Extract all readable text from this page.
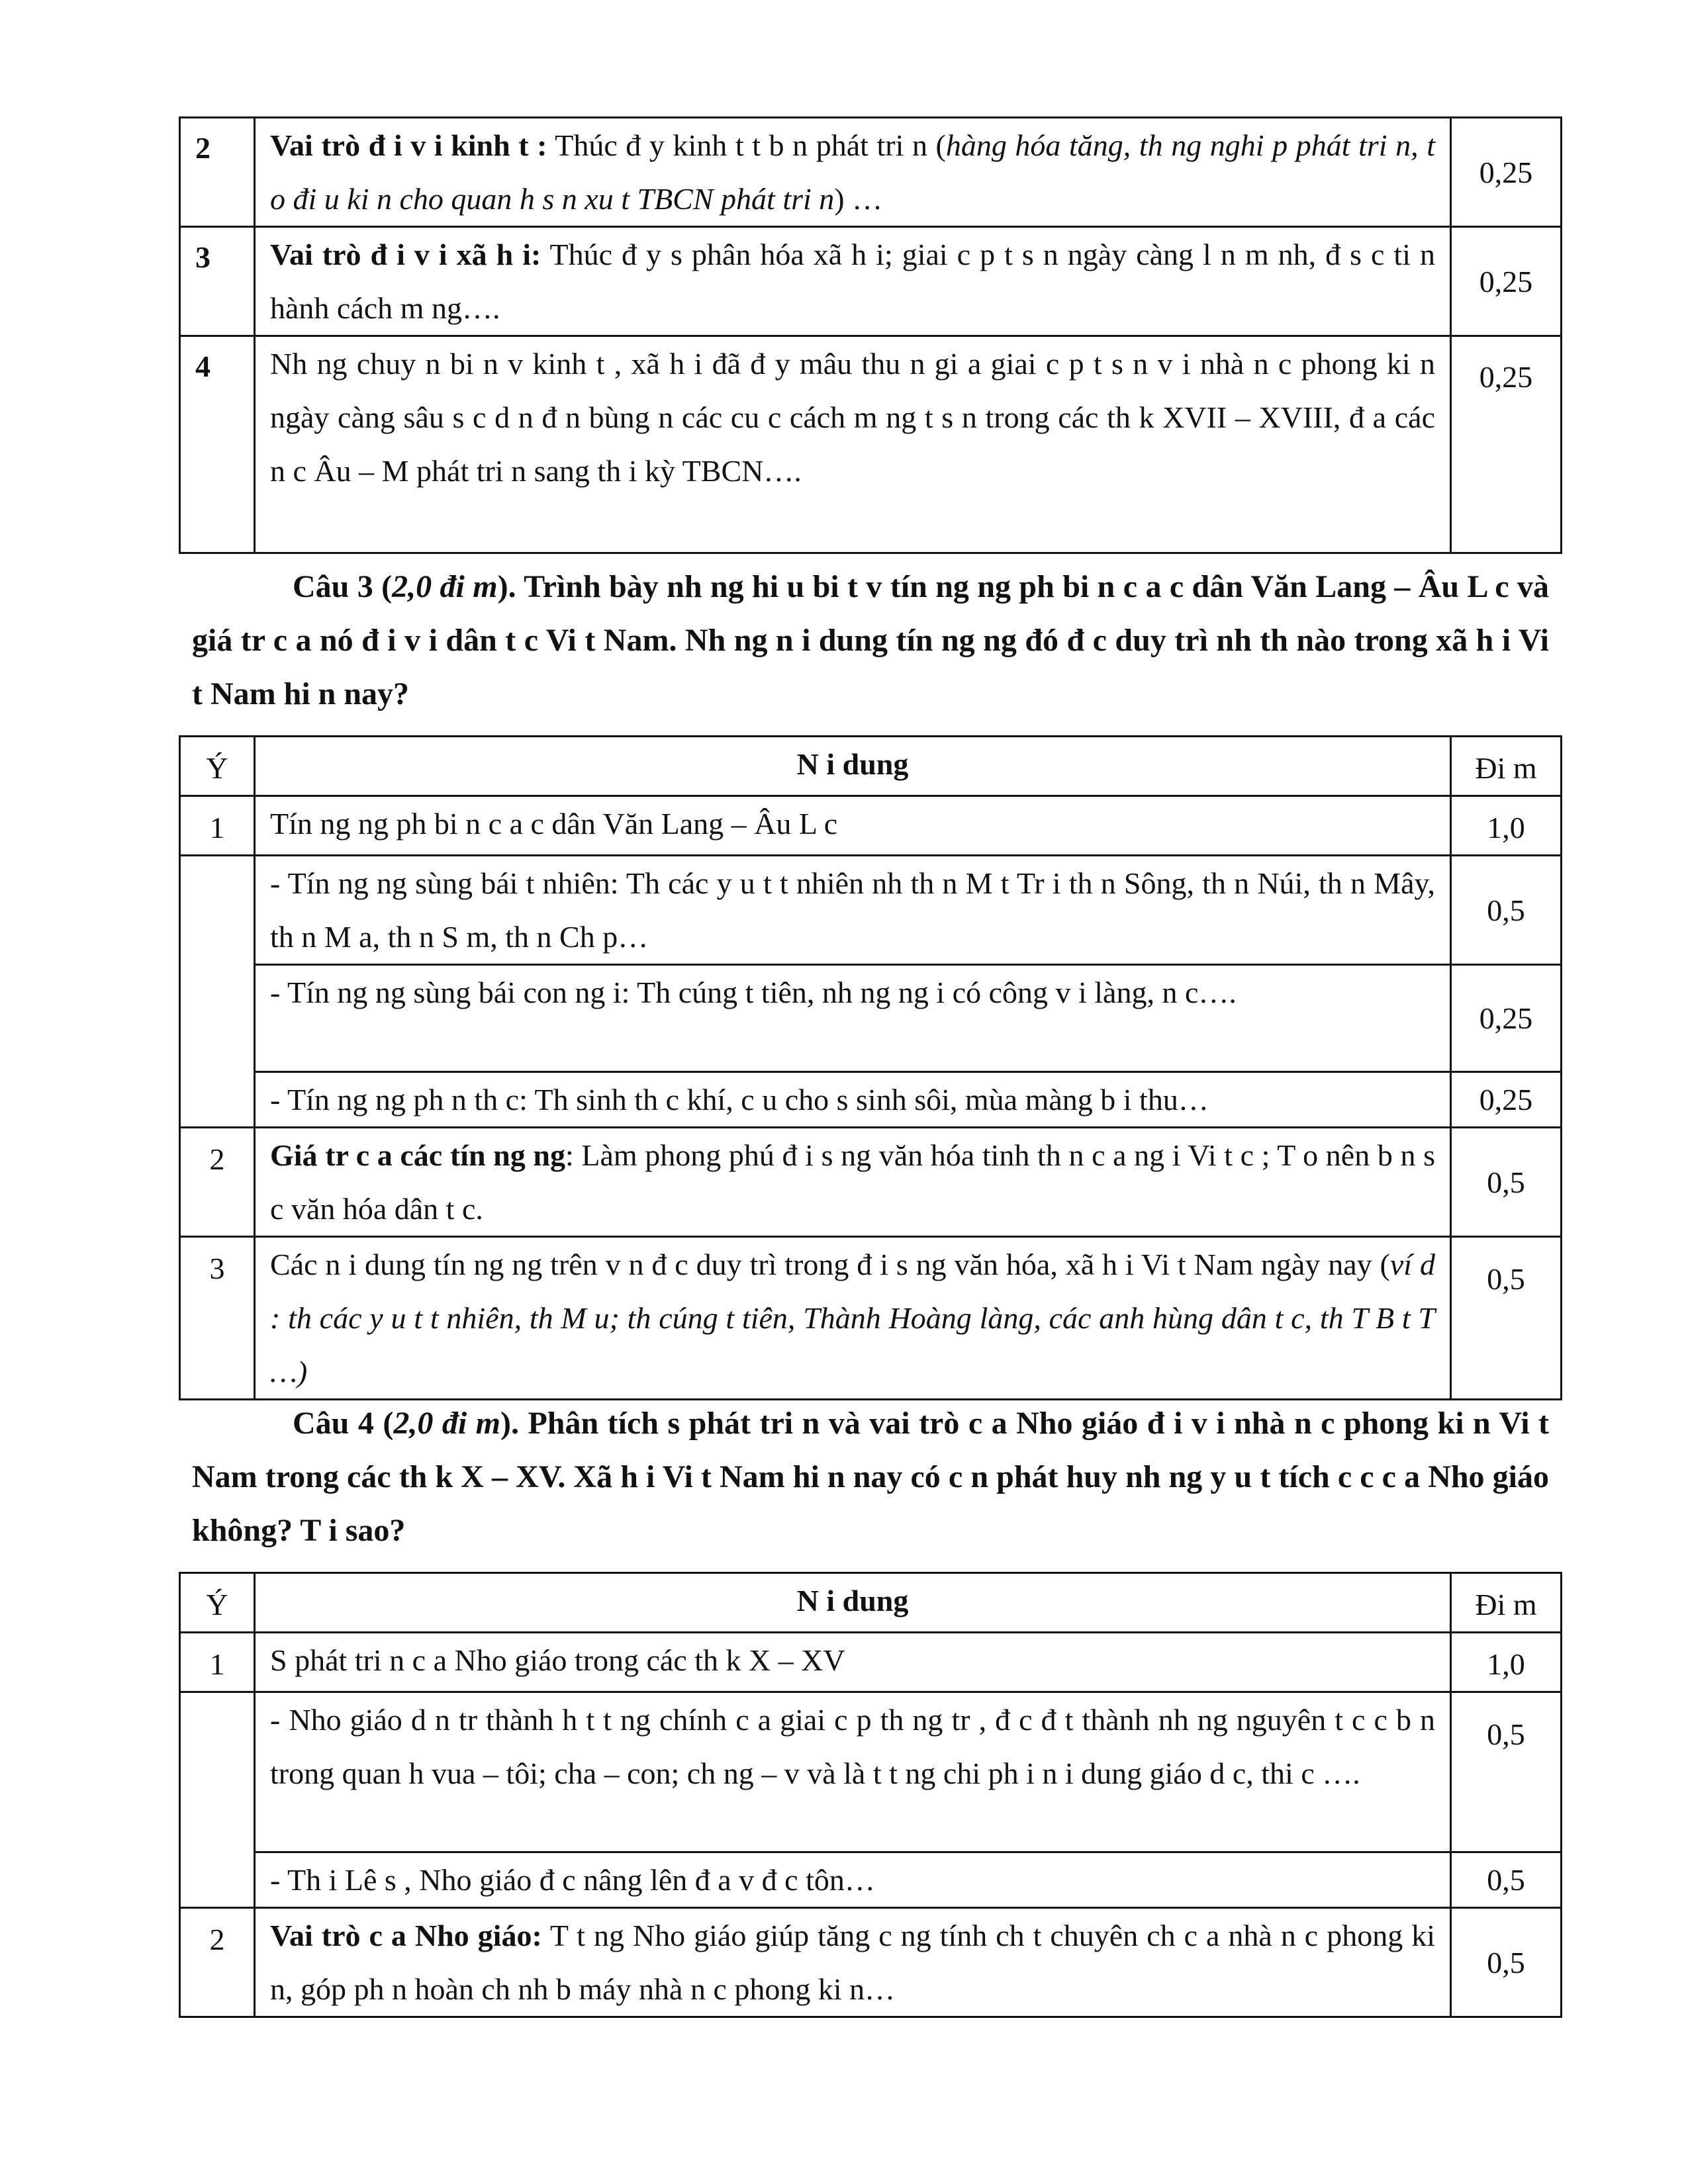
2	Vai trò đ i v i kinh t : Thúc đ y kinh t t b n phát tri n (hàng hóa tăng, th ng nghi p phát tri n, t o đi u ki n cho quan h s n xu t TBCN phát tri n) …	0,25
3	Vai trò đ i v i xã h i: Thúc đ y s phân hóa xã h i; giai c p t s n ngày càng l n m nh, đ s c ti n hành cách m ng….	0,25
4	Nh ng chuy n bi n v kinh t , xã h i đã đ y mâu thu n gi a giai c p t s n v i nhà n c phong ki n ngày càng sâu s c d n đ n bùng n các cu c cách m ng t s n trong các th k XVII – XVIII, đ a các n c Âu – M phát tri n sang th i kỳ TBCN….	0,25

Câu 3 (2,0 đi m). Trình bày nh ng hi u bi t v tín ng ng ph bi n c a c dân Văn Lang – Âu L c và giá tr c a nó đ i v i dân t c Vi t Nam. Nh ng n i dung tín ng ng đó đ c duy trì nh th nào trong xã h i Vi t Nam hi n nay?

Ý	N i dung	Đi m
1	Tín ng ng ph bi n c a c dân Văn Lang – Âu L c	1,0
	- Tín ng ng sùng bái t nhiên: Th các y u t t nhiên nh th n M t Tr i th n Sông, th n Núi, th n Mây, th n M a, th n S m, th n Ch p…	0,5
	- Tín ng ng sùng bái con ng i: Th cúng t tiên, nh ng ng i có công v i làng, n c….	0,25
	- Tín ng ng ph n th c: Th sinh th c khí, c u cho s sinh sôi, mùa màng b i thu…	0,25
2	Giá tr c a các tín ng ng: Làm phong phú đ i s ng văn hóa tinh th n c a ng i Vi t c ; T o nên b n s c văn hóa dân t c.	0,5
3	Các n i dung tín ng ng trên v n đ c duy trì trong đ i s ng văn hóa, xã h i Vi t Nam ngày nay (ví d : th các y u t t nhiên, th M u; th cúng t tiên, Thành Hoàng làng, các anh hùng dân t c, th T B t T …)	0,5

Câu 4 (2,0 đi m). Phân tích s phát tri n và vai trò c a Nho giáo đ i v i nhà n c phong ki n Vi t Nam trong các th k X – XV. Xã h i Vi t Nam hi n nay có c n phát huy nh ng y u t tích c c c a Nho giáo không? T i sao?

Ý	N i dung	Đi m
1	S phát tri n c a Nho giáo trong các th k X – XV	1,0
	- Nho giáo d n tr thành h t t ng chính c a giai c p th ng tr , đ c đ t thành nh ng nguyên t c c b n trong quan h vua – tôi; cha – con; ch ng – v và là t t ng chi ph i n i dung giáo d c, thi c ….	0,5
	- Th i Lê s , Nho giáo đ c nâng lên đ a v đ c tôn…	0,5
2	Vai trò c a Nho giáo: T t ng Nho giáo giúp tăng c ng tính ch t chuyên ch c a nhà n c phong ki n, góp ph n hoàn ch nh b máy nhà n c phong ki n…	0,5
